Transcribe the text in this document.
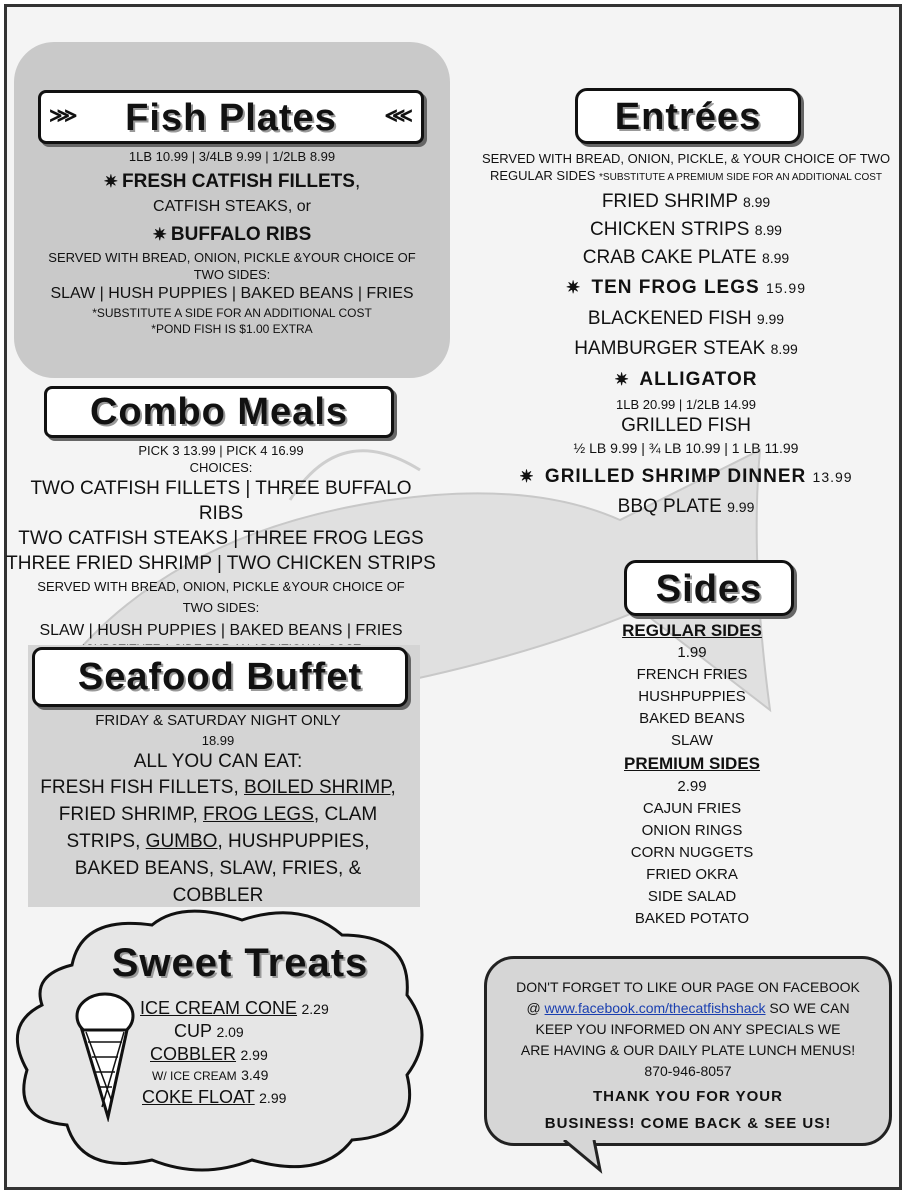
⋙ Fish Plates ⋘
1LB 10.99 | 3/4LB 9.99 | 1/2LB 8.99
✷ FRESH CATFISH FILLETS,
CATFISH STEAKS, or
✷ BUFFALO RIBS
SERVED WITH BREAD, ONION, PICKLE &YOUR CHOICE OF
TWO SIDES:
SLAW | HUSH PUPPIES | BAKED BEANS | FRIES
*SUBSTITUTE A SIDE FOR AN ADDITIONAL COST
*POND FISH IS $1.00 EXTRA
Combo Meals
PICK 3 13.99 | PICK 4 16.99
CHOICES:
TWO CATFISH FILLETS | THREE BUFFALO RIBS
TWO CATFISH STEAKS | THREE FROG LEGS
THREE FRIED SHRIMP | TWO CHICKEN STRIPS
SERVED WITH BREAD, ONION, PICKLE &YOUR CHOICE OF
TWO SIDES:
SLAW | HUSH PUPPIES | BAKED BEANS | FRIES
Seafood Buffet
FRIDAY & SATURDAY NIGHT ONLY
18.99
ALL YOU CAN EAT:
FRESH FISH FILLETS, BOILED SHRIMP,
FRIED SHRIMP, FROG LEGS, CLAM
STRIPS, GUMBO, HUSHPUPPIES,
BAKED BEANS, SLAW, FRIES, &
COBBLER
Sweet Treats
ICE CREAM CONE 2.29
CUP 2.09
COBBLER 2.99
W/ ICE CREAM 3.49
COKE FLOAT 2.99
Entrées
SERVED WITH BREAD, ONION, PICKLE, & YOUR CHOICE OF TWO
REGULAR SIDES *SUBSTITUTE A PREMIUM SIDE FOR AN ADDITIONAL COST
FRIED SHRIMP 8.99
CHICKEN STRIPS 8.99
CRAB CAKE PLATE 8.99
✷ TEN FROG LEGS 15.99
BLACKENED FISH 9.99
HAMBURGER STEAK 8.99
✷ ALLIGATOR
1LB 20.99 | 1/2LB 14.99
GRILLED FISH
½ LB 9.99 | ¾ LB 10.99 | 1 LB 11.99
✷ GRILLED SHRIMP DINNER 13.99
BBQ PLATE 9.99
Sides
REGULAR SIDES
1.99
FRENCH FRIES
HUSHPUPPIES
BAKED BEANS
SLAW
PREMIUM SIDES
2.99
CAJUN FRIES
ONION RINGS
CORN NUGGETS
FRIED OKRA
SIDE SALAD
BAKED POTATO
DON'T FORGET TO LIKE OUR PAGE ON FACEBOOK
@ www.facebook.com/thecatfishshack SO WE CAN
KEEP YOU INFORMED ON ANY SPECIALS WE
ARE HAVING & OUR DAILY PLATE LUNCH MENUS!
870-946-8057
THANK YOU FOR YOUR
BUSINESS! COME BACK & SEE US!
